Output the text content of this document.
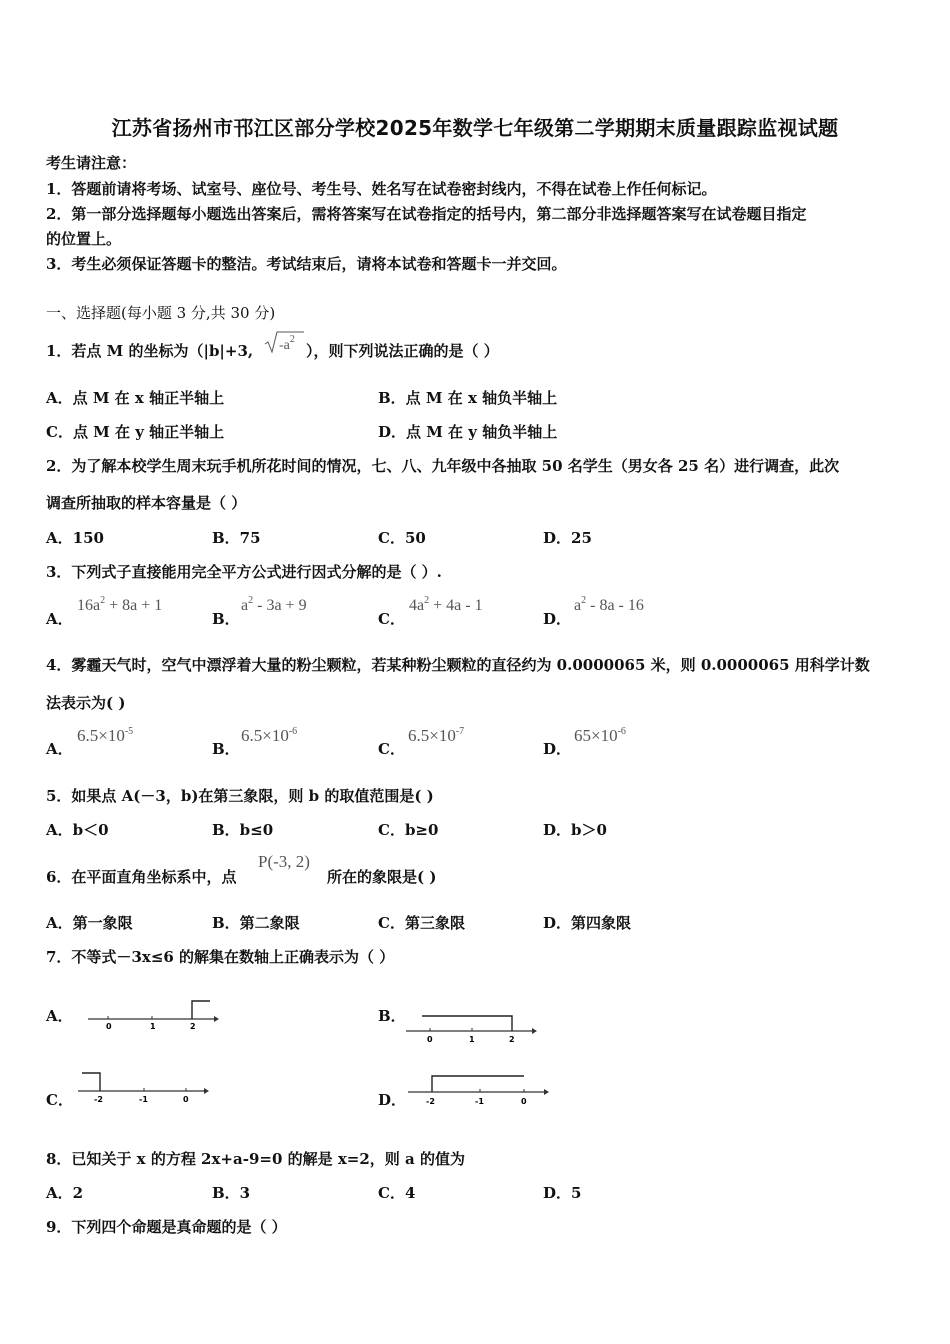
江苏省扬州市邗江区部分学校2025年数学七年级第二学期期末质量跟踪监视试题
考生请注意：
1．答题前请将考场、试室号、座位号、考生号、姓名写在试卷密封线内，不得在试卷上作任何标记。
2．第一部分选择题每小题选出答案后，需将答案写在试卷指定的括号内，第二部分非选择题答案写在试卷题目指定
的位置上。
3．考生必须保证答题卡的整洁。考试结束后，请将本试卷和答题卡一并交回。
一、选择题(每小题 3 分,共 30 分)
1．若点 M 的坐标为（|b|+3, $-a^2$
），则下列说法正确的是（ ）
A．点 M 在 x 轴正半轴上	B．点 M 在 x 轴负半轴上
C．点 M 在 y 轴正半轴上	D．点 M 在 y 轴负半轴上
2．为了解本校学生周末玩手机所花时间的情况，七、八、九年级中各抽取 50 名学生（男女各 25 名）进行调查，此次
调查所抽取的样本容量是（ ）
A．150	B．75	C．50	D．25
3．下列式子直接能用完全平方公式进行因式分解的是（ ）.
A．
$16a^2 + 8a + 1$
B．
$a^2 - 3a + 9$
C．
$4a^2 + 4a - 1$
D．
$a^2 - 8a - 16$
4．雾霾天气时，空气中漂浮着大量的粉尘颗粒，若某种粉尘颗粒的直径约为 0.0000065 米，则 0.0000065 用科学计数
法表示为( )
A．
$6.5\times 10^{-5}$
B．
$6.5\times 10^{-6}$
C．
$6.5\times 10^{-7}$
D．
$65\times 10^{-6}$
5．如果点 A(－3，b)在第三象限，则 b 的取值范围是( )
A．b＜0	B．b≤0	C．b≥0	D．b＞0
6．在平面直角坐标系中，点
P(-3, 2)
所在的象限是( )
A．第一象限	B．第二象限	C．第三象限	D．第四象限
7．不等式－3x≤6 的解集在数轴上正确表示为（ ）
A．
0	1	2
B．
0	1	2
C．	-2	-1	0	D． -2	-1	0
8．已知关于 x 的方程 2x+a-9=0 的解是 x=2，则 a 的值为
A．2	B．3	C．4	D．5
9．下列四个命题是真命题的是（ ）
